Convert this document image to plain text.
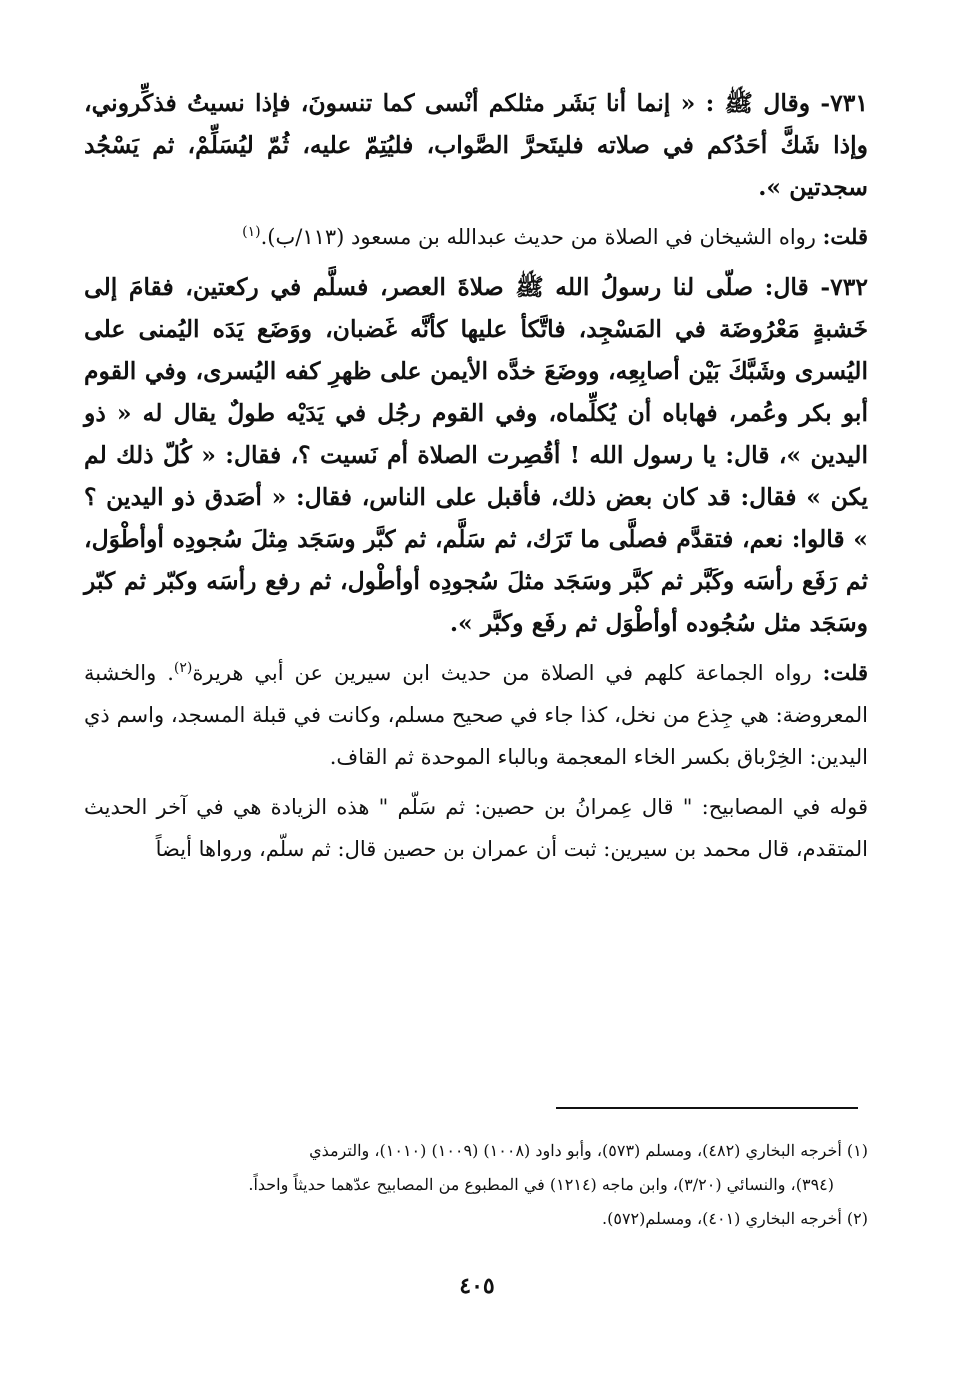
٧٣١- وقال ﷺ : « إنما أنا بَشَر مثلكم أنْسى كما تنسونَ، فإذا نسيتُ فذكِّروني، وإذا شَكَّ أحَدُكم في صلاته فليتَحرَّ الصَّواب، فليُتِمّ عليه، ثُمّ ليُسَلِّمْ، ثم يَسْجُد سجدتين ».

قلت: رواه الشيخان في الصلاة من حديث عبدالله بن مسعود (١١٣/ب).$^{(١)}$

٧٣٢- قال: صلّى لنا رسولُ الله ﷺ صلاةَ العصر، فسلَّم في ركعتين، فقامَ إلى خَشبةٍ مَعْرُوضَة في المَسْجِد، فاتَّكأ عليها كأنَّه غَضبان، ووَضَع يَدَه اليُمنى على اليُسرى وشَبَّكَ بَيْن أصابِعِه، ووضَعَ خدَّه الأيمن على ظهرِ كفه اليُسرى، وفي القوم أبو بكر وعُمر، فهاباه أن يُكلِّماه، وفي القوم رجُل في يَدَيْه طولٌ يقال له « ذو اليدين »، قال: يا رسول الله ! أقُصِرت الصلاة أم نَسيت ؟، فقال: « كُلّ ذلك لم يكن » فقال: قد كان بعض ذلك، فأقبل على الناس، فقال: « أصَدق ذو اليدين ؟ » قالوا: نعم، فتقدَّم فصلَّى ما تَرَك، ثم سَلَّم، ثم كبَّر وسَجَد مِثلَ سُجودِه أوأطْوَل، ثم رَفَع رأسَه وكَبَّر ثم كبَّر وسَجَد مثلَ سُجودِه أوأطْول، ثم رفع رأسَه وكبّر ثم كبّر وسَجَد مثل سُجُوده أوأطْوَل ثم رفَع وكبَّر ».

قلت: رواه الجماعة كلهم في الصلاة من حديث ابن سيرين عن أبي هريرة$^{(٢)}$. والخشبة المعروضة: هي جِذع من نخل، كذا جاء في صحيح مسلم، وكانت في قبلة المسجد، واسم ذي اليدين: الخِرْباق بكسر الخاء المعجمة وبالباء الموحدة ثم القاف.

قوله في المصابيح: " قال عِمرانُ بن حصين: ثم سَلّم " هذه الزيادة هي في آخر الحديث المتقدم، قال محمد بن سيرين: ثبت أن عمران بن حصين قال: ثم سلّم، ورواها أيضاً

(١) أخرجه البخاري (٤٨٢)، ومسلم (٥٧٣)، وأبو داود (١٠٠٨) (١٠٠٩) (١٠١٠)، والترمذي

(٣٩٤)، والنسائي (٣/٢٠)، وابن ماجه (١٢١٤) في المطبوع من المصابيح عدّهما حديثاً واحداً.

(٢) أخرجه البخاري (٤٠١)، ومسلم(٥٧٢).

٤٠٥
